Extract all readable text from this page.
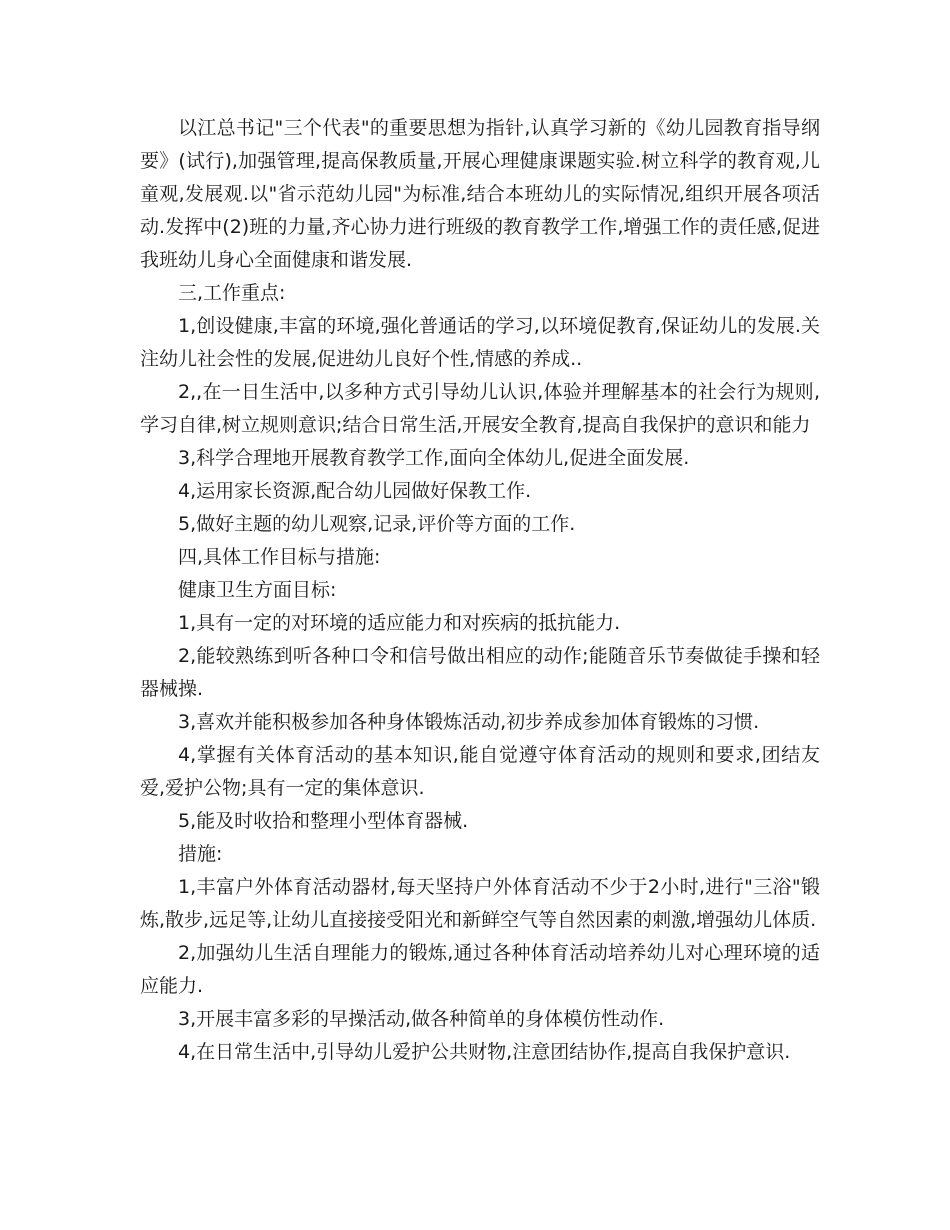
以江总书记"三个代表"的重要思想为指针,认真学习新的《幼儿园教育指导纲要》(试行),加强管理,提高保教质量,开展心理健康课题实验.树立科学的教育观,儿童观,发展观.以"省示范幼儿园"为标准,结合本班幼儿的实际情况,组织开展各项活动.发挥中(2)班的力量,齐心协力进行班级的教育教学工作,增强工作的责任感,促进我班幼儿身心全面健康和谐发展.

三,工作重点:

1,创设健康,丰富的环境,强化普通话的学习,以环境促教育,保证幼儿的发展.关注幼儿社会性的发展,促进幼儿良好个性,情感的养成..

2,,在一日生活中,以多种方式引导幼儿认识,体验并理解基本的社会行为规则,学习自律,树立规则意识;结合日常生活,开展安全教育,提高自我保护的意识和能力

3,科学合理地开展教育教学工作,面向全体幼儿,促进全面发展.

4,运用家长资源,配合幼儿园做好保教工作.

5,做好主题的幼儿观察,记录,评价等方面的工作.

四,具体工作目标与措施:

健康卫生方面目标:

1,具有一定的对环境的适应能力和对疾病的抵抗能力.

2,能较熟练到听各种口令和信号做出相应的动作;能随音乐节奏做徒手操和轻器械操.

3,喜欢并能积极参加各种身体锻炼活动,初步养成参加体育锻炼的习惯.

4,掌握有关体育活动的基本知识,能自觉遵守体育活动的规则和要求,团结友爱,爱护公物;具有一定的集体意识.

5,能及时收拾和整理小型体育器械.

措施:

1,丰富户外体育活动器材,每天坚持户外体育活动不少于2小时,进行"三浴"锻炼,散步,远足等,让幼儿直接接受阳光和新鲜空气等自然因素的刺激,增强幼儿体质.

2,加强幼儿生活自理能力的锻炼,通过各种体育活动培养幼儿对心理环境的适应能力.

3,开展丰富多彩的早操活动,做各种简单的身体模仿性动作.

4,在日常生活中,引导幼儿爱护公共财物,注意团结协作,提高自我保护意识.
